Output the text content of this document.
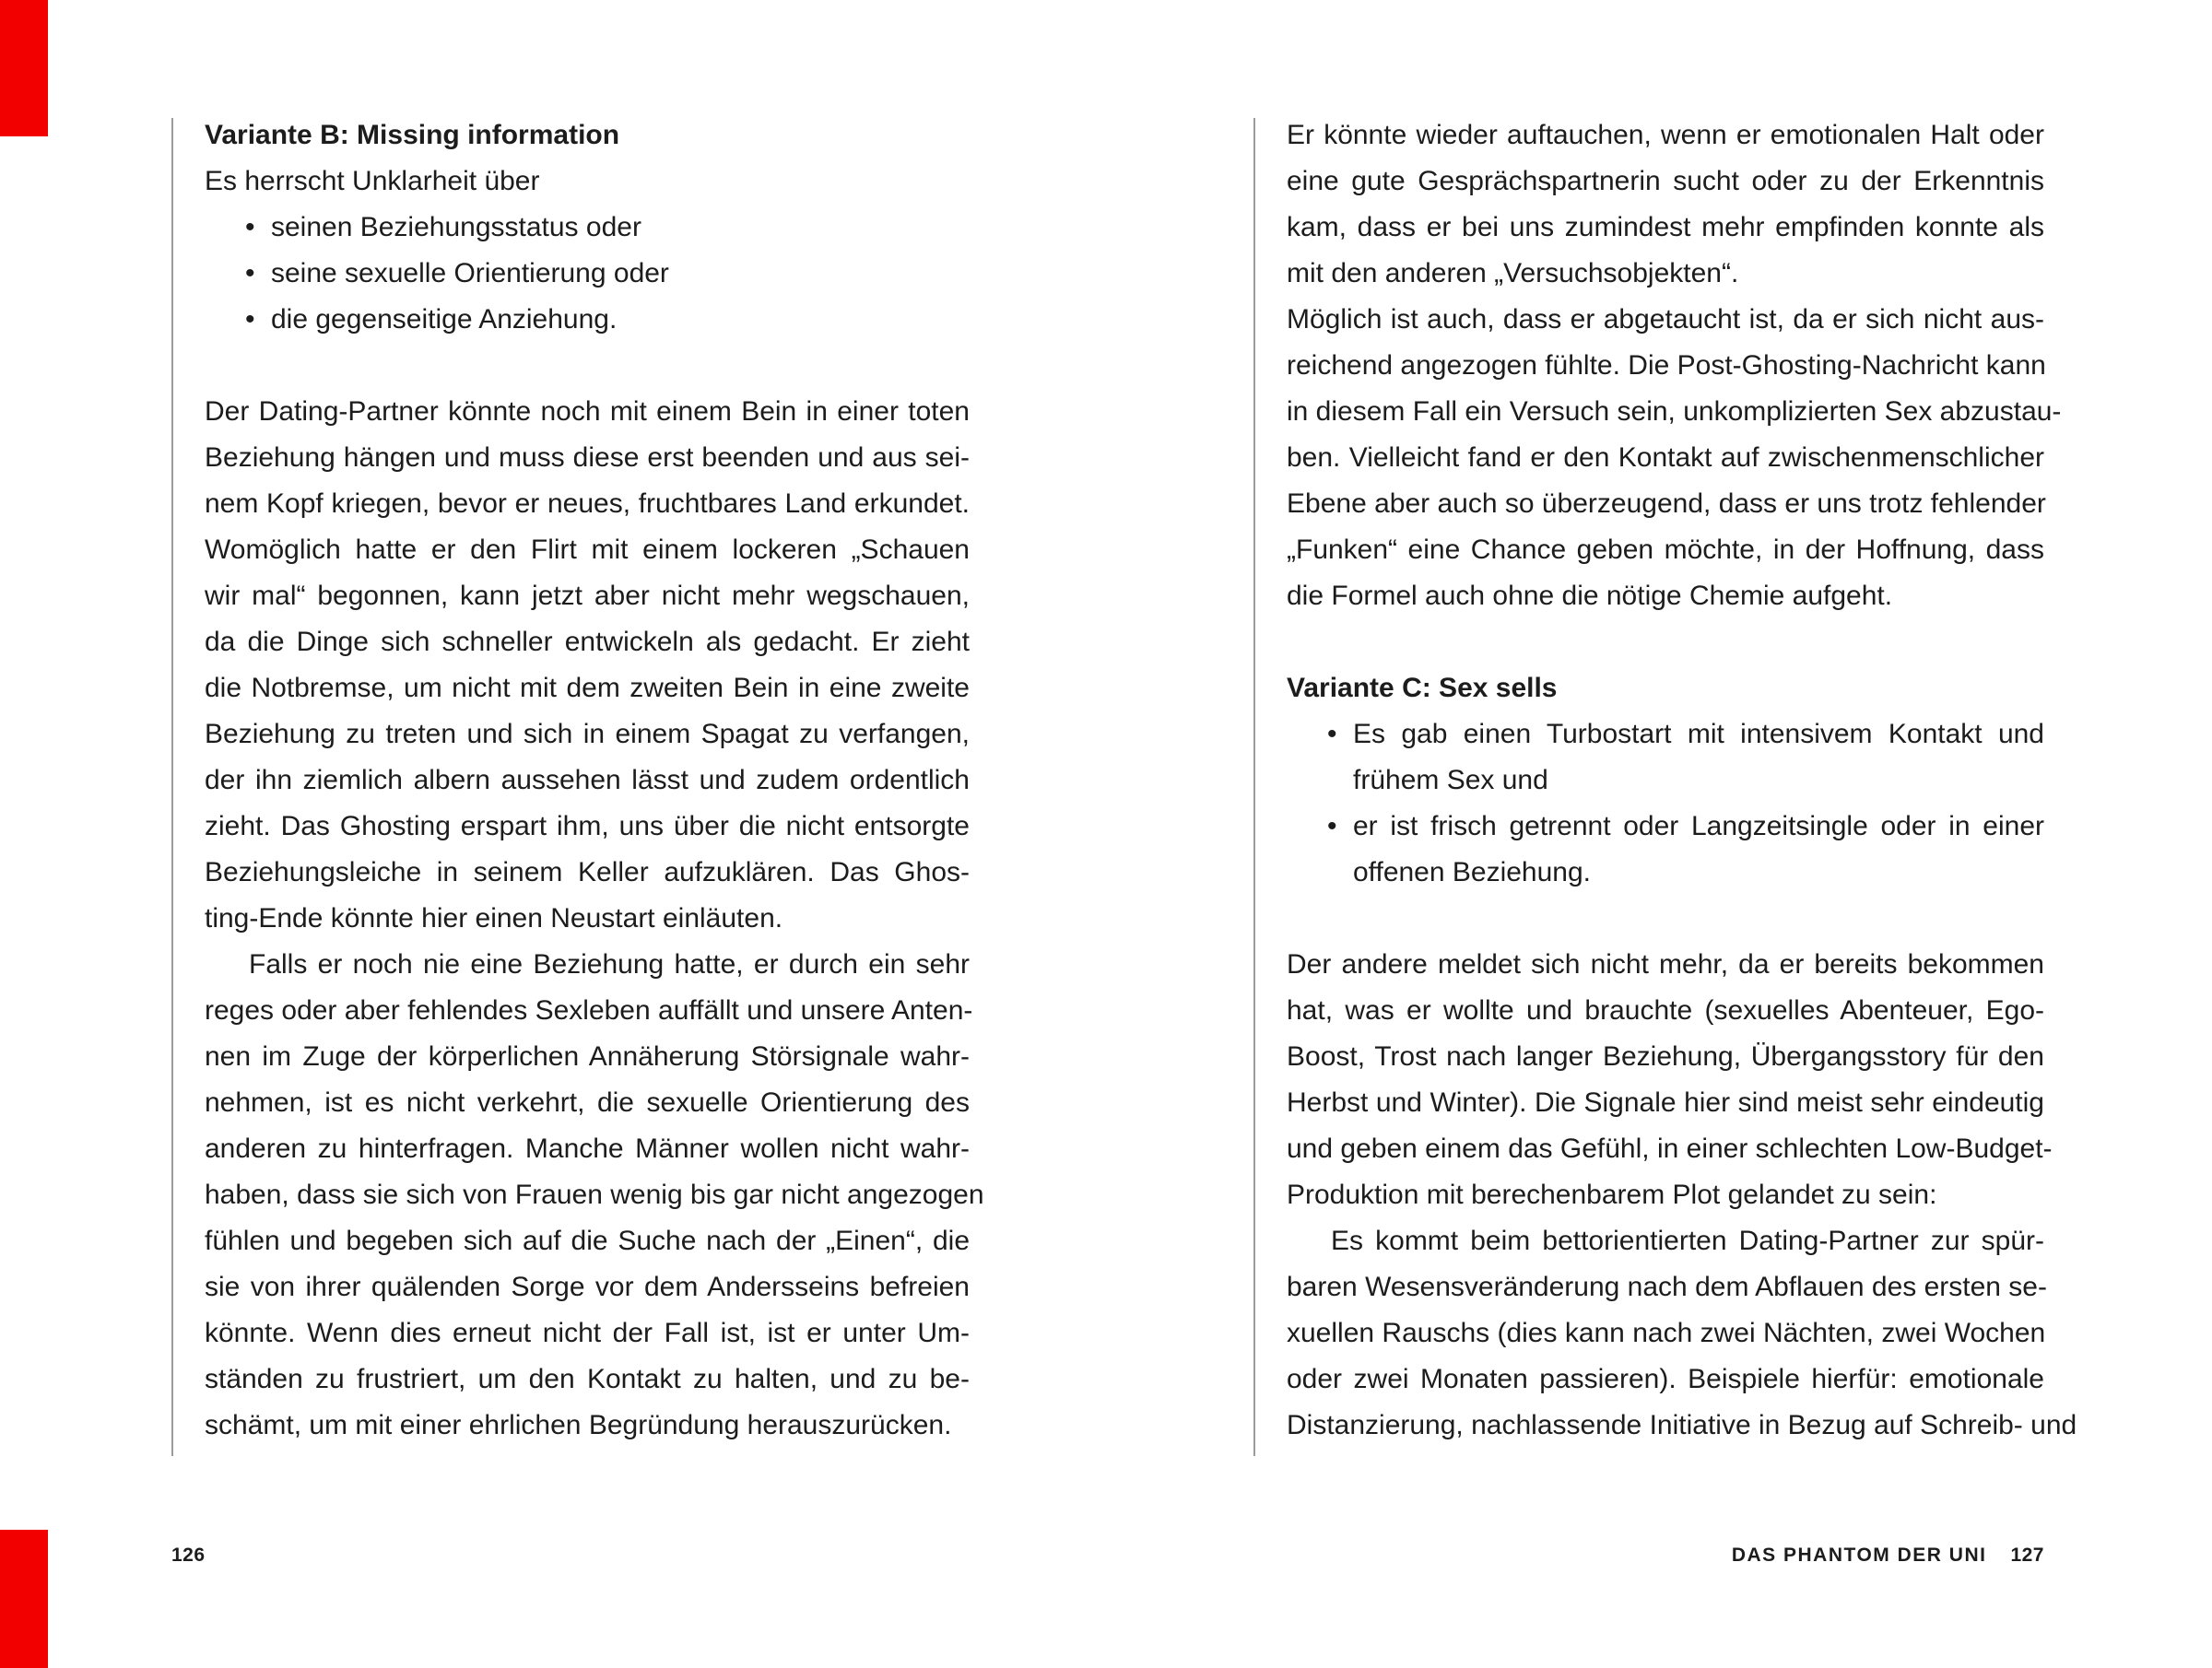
Variante B: Missing information
Es herrscht Unklarheit über
• seinen Beziehungsstatus oder
• seine sexuelle Orientierung oder
• die gegenseitige Anziehung.
Der Dating-Partner könnte noch mit einem Bein in einer toten
Beziehung hängen und muss diese erst beenden und aus sei-
nem Kopf kriegen, bevor er neues, fruchtbares Land erkundet.
Womöglich hatte er den Flirt mit einem lockeren „Schauen
wir mal“ begonnen, kann jetzt aber nicht mehr wegschauen,
da die Dinge sich schneller entwickeln als gedacht. Er zieht
die Notbremse, um nicht mit dem zweiten Bein in eine zweite
Beziehung zu treten und sich in einem Spagat zu verfangen,
der ihn ziemlich albern aussehen lässt und zudem ordentlich
zieht. Das Ghosting erspart ihm, uns über die nicht entsorgte
Beziehungsleiche in seinem Keller aufzuklären. Das Ghos-
ting-Ende könnte hier einen Neustart einläuten.
Falls er noch nie eine Beziehung hatte, er durch ein sehr
reges oder aber fehlendes Sexleben auffällt und unsere Anten-
nen im Zuge der körperlichen Annäherung Störsignale wahr-
nehmen, ist es nicht verkehrt, die sexuelle Orientierung des
anderen zu hinterfragen. Manche Männer wollen nicht wahr-
haben, dass sie sich von Frauen wenig bis gar nicht angezogen
fühlen und begeben sich auf die Suche nach der „Einen“, die
sie von ihrer quälenden Sorge vor dem Andersseins befreien
könnte. Wenn dies erneut nicht der Fall ist, ist er unter Um-
ständen zu frustriert, um den Kontakt zu halten, und zu be-
schämt, um mit einer ehrlichen Begründung herauszurücken.
Er könnte wieder auftauchen, wenn er emotionalen Halt oder
eine gute Gesprächspartnerin sucht oder zu der Erkenntnis
kam, dass er bei uns zumindest mehr empfinden konnte als
mit den anderen „Versuchsobjekten“.
Möglich ist auch, dass er abgetaucht ist, da er sich nicht aus-
reichend angezogen fühlte. Die Post-Ghosting-Nachricht kann
in diesem Fall ein Versuch sein, unkomplizierten Sex abzustau-
ben. Vielleicht fand er den Kontakt auf zwischenmenschlicher
Ebene aber auch so überzeugend, dass er uns trotz fehlender
„Funken“ eine Chance geben möchte, in der Hoffnung, dass
die Formel auch ohne die nötige Chemie aufgeht.
Variante C: Sex sells
• Es gab einen Turbostart mit intensivem Kontakt und
frühem Sex und
• er ist frisch getrennt oder Langzeitsingle oder in einer
offenen Beziehung.
Der andere meldet sich nicht mehr, da er bereits bekommen
hat, was er wollte und brauchte (sexuelles Abenteuer, Ego-
Boost, Trost nach langer Beziehung, Übergangsstory für den
Herbst und Winter). Die Signale hier sind meist sehr eindeutig
und geben einem das Gefühl, in einer schlechten Low-Budget-
Produktion mit berechenbarem Plot gelandet zu sein:
Es kommt beim bettorientierten Dating-Partner zur spür-
baren Wesensveränderung nach dem Abflauen des ersten se-
xuellen Rauschs (dies kann nach zwei Nächten, zwei Wochen
oder zwei Monaten passieren). Beispiele hierfür: emotionale
Distanzierung, nachlassende Initiative in Bezug auf Schreib- und
126	DAS PHANTOM DER UNI 127
